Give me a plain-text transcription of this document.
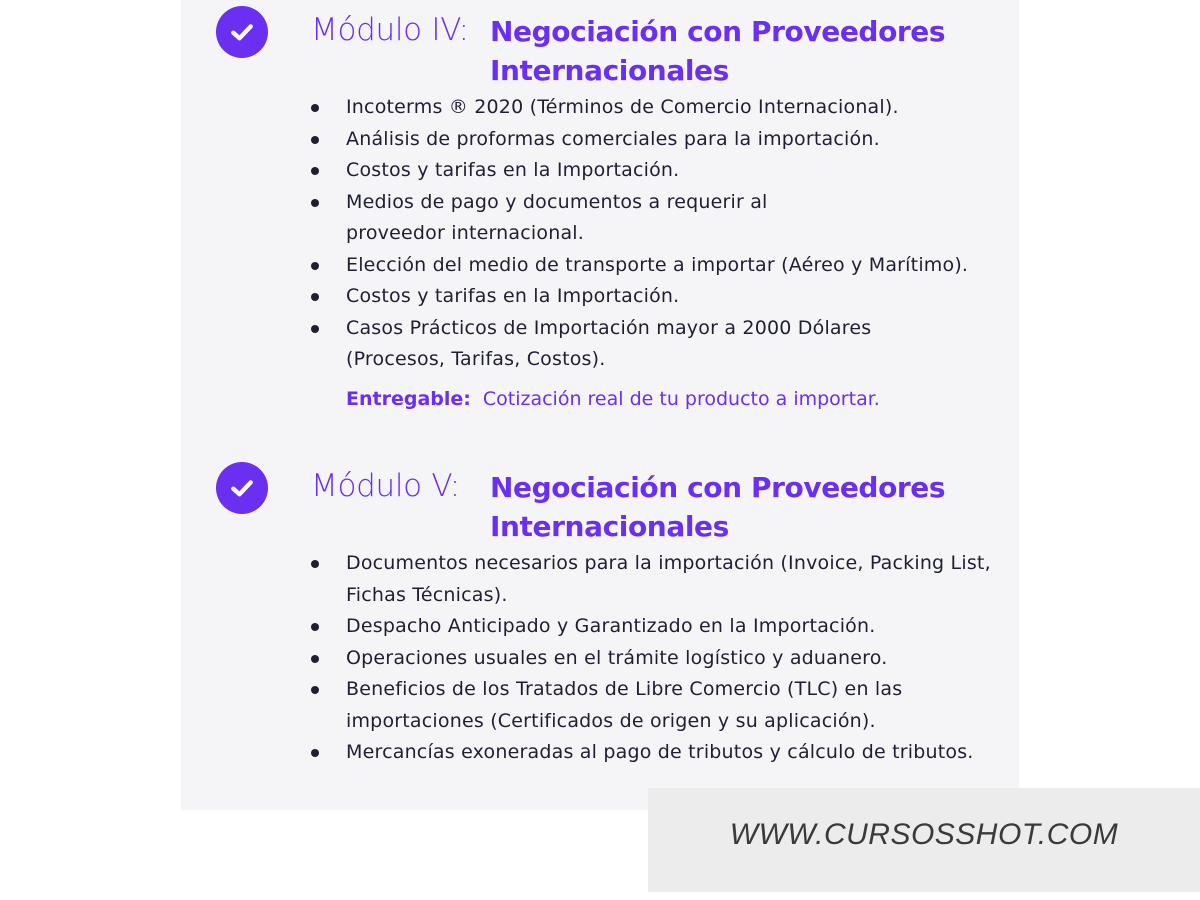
Módulo IV: Negociación con Proveedores Internacionales
Incoterms ® 2020 (Términos de Comercio Internacional).
Análisis de proformas comerciales para la importación.
Costos y tarifas en la Importación.
Medios de pago y documentos a requerir al proveedor internacional.
Elección del medio de transporte a importar (Aéreo y Marítimo).
Costos y tarifas en la Importación.
Casos Prácticos de Importación mayor a 2000 Dólares (Procesos, Tarifas, Costos).
Entregable: Cotización real de tu producto a importar.
Módulo V: Negociación con Proveedores Internacionales
Documentos necesarios para la importación (Invoice, Packing List, Fichas Técnicas).
Despacho Anticipado y Garantizado en la Importación.
Operaciones usuales en el trámite logístico y aduanero.
Beneficios de los Tratados de Libre Comercio (TLC) en las importaciones (Certificados de origen y su aplicación).
Mercancías exoneradas al pago de tributos y cálculo de tributos.
WWW.CURSOSSHOT.COM
